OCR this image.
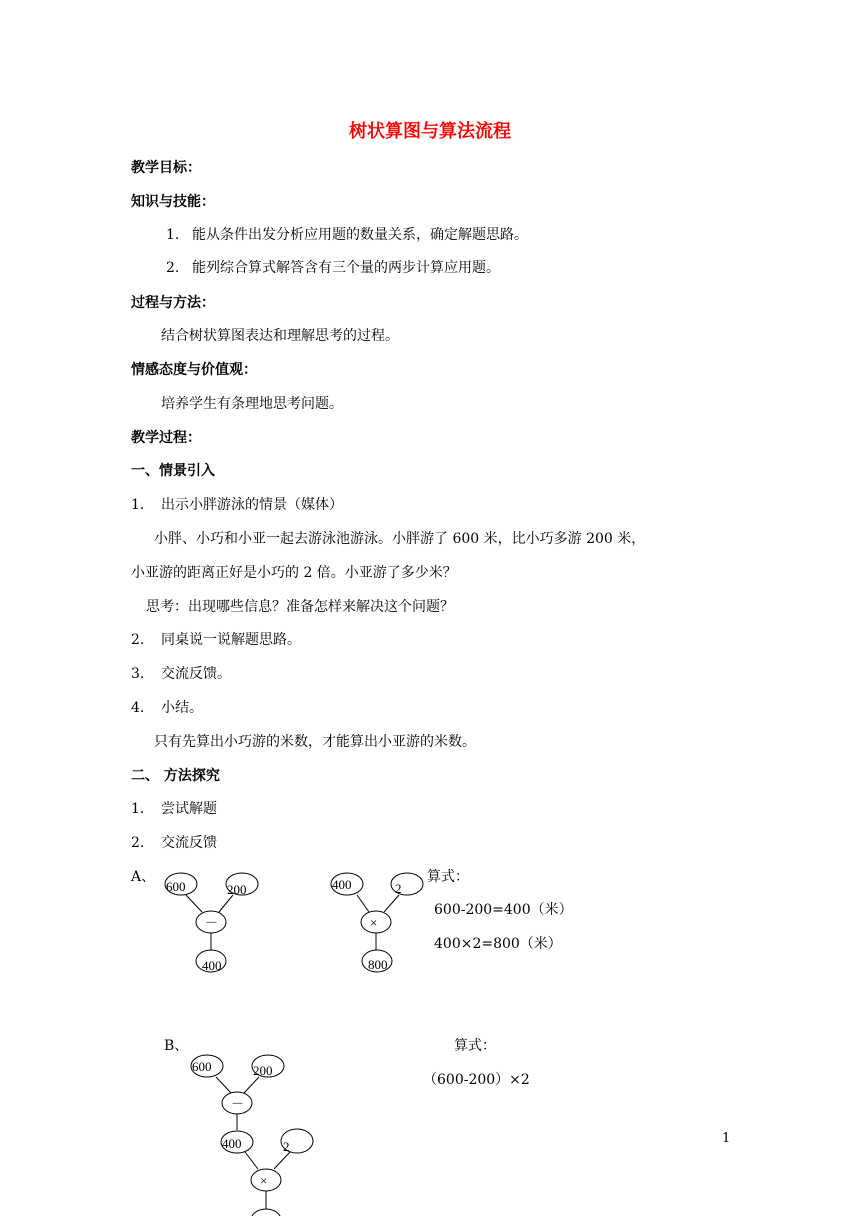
树状算图与算法流程
教学目标：
知识与技能：
1. 能从条件出发分析应用题的数量关系，确定解题思路。
2. 能列综合算式解答含有三个量的两步计算应用题。
过程与方法：
结合树状算图表达和理解思考的过程。
情感态度与价值观：
培养学生有条理地思考问题。
教学过程：
一、情景引入
1. 出示小胖游泳的情景（媒体）
小胖、小巧和小亚一起去游泳池游泳。小胖游了 600 米，比小巧多游 200 米，
小亚游的距离正好是小巧的 2 倍。小亚游了多少米？
思考：出现哪些信息？准备怎样来解决这个问题？
2. 同桌说一说解题思路。
3. 交流反馈。
4. 小结。
只有先算出小巧游的米数，才能算出小亚游的米数。
二、 方法探究
1. 尝试解题
2. 交流反馈
A、
600	200
－
400
400	2
×
800
600	200
－
400	2
×
算式：
600-200=400（米）
400×2=800（米）
B、	算式：
（600-200）×2
1
